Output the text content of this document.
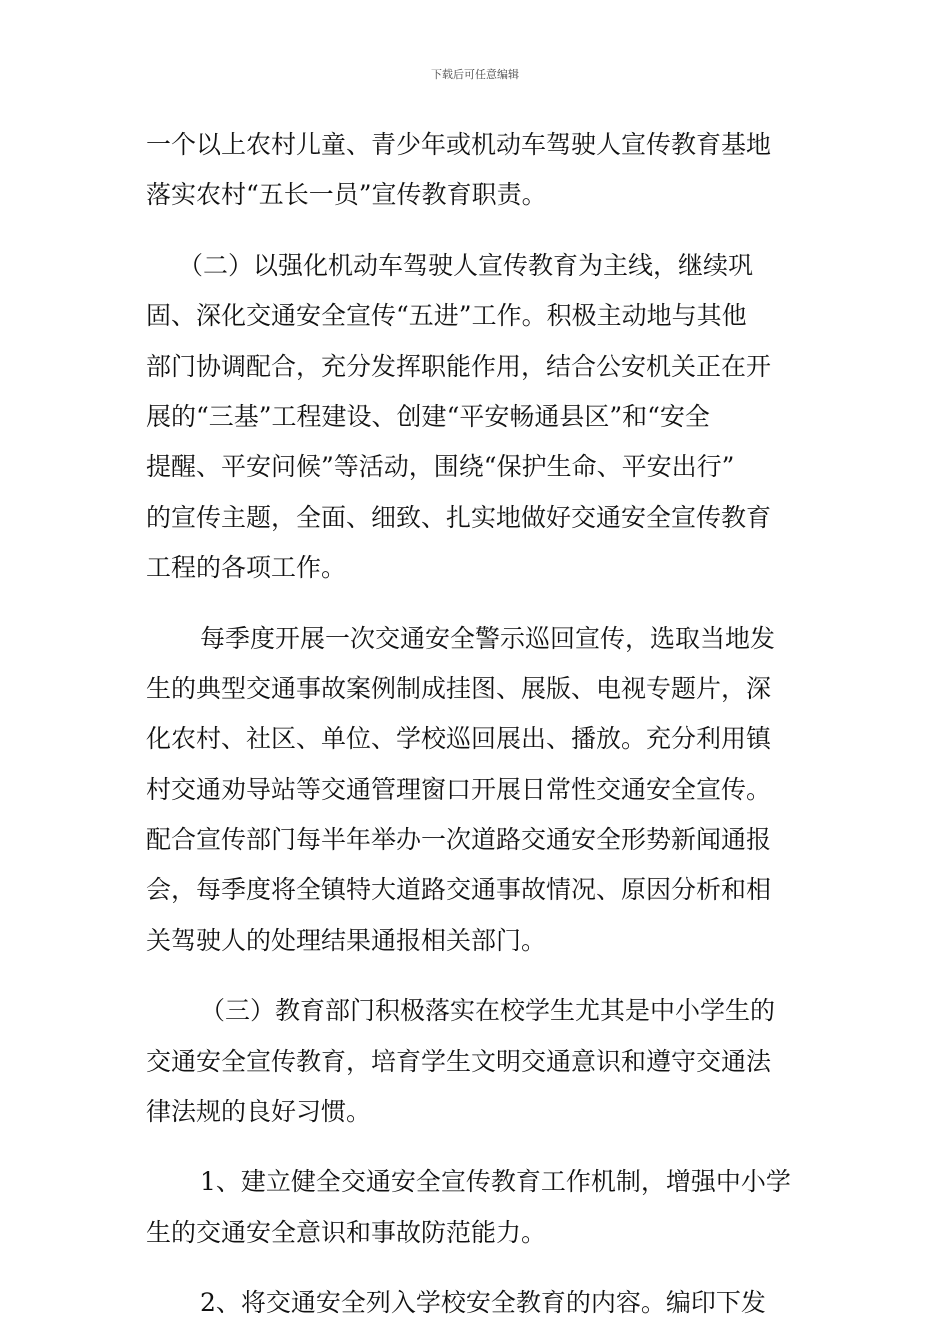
下载后可任意编辑
一个以上农村儿童、青少年或机动车驾驶人宣传教育基地
落实农村“五长一员”宣传教育职责。
（二）以强化机动车驾驶人宣传教育为主线，继续巩
固、深化交通安全宣传“五进”工作。积极主动地与其他
部门协调配合，充分发挥职能作用，结合公安机关正在开
展的“三基”工程建设、创建“平安畅通县区”和“安全
提醒、平安问候”等活动，围绕“保护生命、平安出行”
的宣传主题，全面、细致、扎实地做好交通安全宣传教育
工程的各项工作。
每季度开展一次交通安全警示巡回宣传，选取当地发
生的典型交通事故案例制成挂图、展版、电视专题片，深
化农村、社区、单位、学校巡回展出、播放。充分利用镇
村交通劝导站等交通管理窗口开展日常性交通安全宣传。
配合宣传部门每半年举办一次道路交通安全形势新闻通报
会，每季度将全镇特大道路交通事故情况、原因分析和相
关驾驶人的处理结果通报相关部门。
（三）教育部门积极落实在校学生尤其是中小学生的
交通安全宣传教育，培育学生文明交通意识和遵守交通法
律法规的良好习惯。
1、建立健全交通安全宣传教育工作机制，增强中小学
生的交通安全意识和事故防范能力。
2、将交通安全列入学校安全教育的内容。编印下发
